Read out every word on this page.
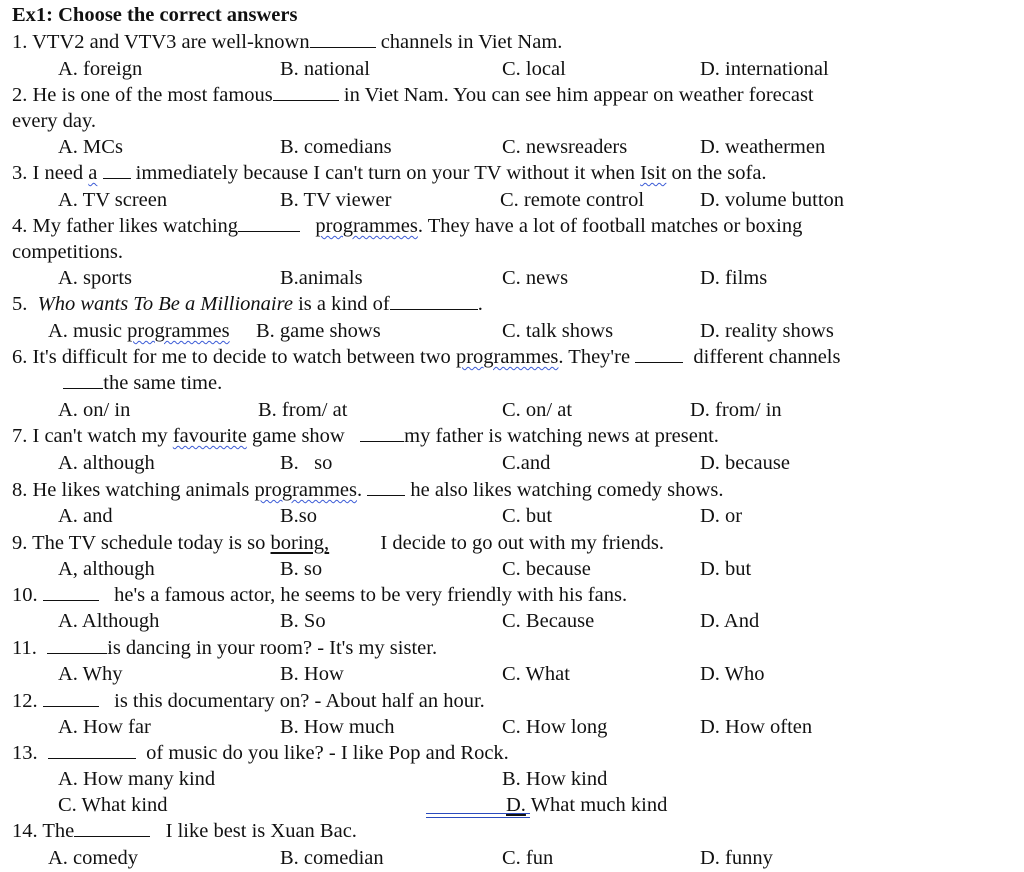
Ex1: Choose the correct answers
1. VTV2 and VTV3 are well-known	channels in Viet Nam.
A. foreign	B. national	C. local	D. international
2. He is one of the most famous	in Viet Nam. You can see him appear on weather forecast
every day.
A. MCs	B. comedians	C. newsreaders	D. weathermen
3. I need a immediately because I can't turn on your TV without it when Isit on the sofa.
A. TV screen	B. TV viewer	C. remote control	D. volume button
4. My father likes watching	programmes. They have a lot of football matches or boxing
competitions.
A. sports	B.animals	C. news	D. films
5. Who wants To Be a Millionaire is a kind of	.
A. music programmes B. game shows	C. talk shows	D. reality shows
6. It's difficult for me to decide to watch between two programmes. They're	different channels
the same time.
A. on/ in	B. from/ at	C. on/ at	D. from/ in
7. I can't watch my favourite game show	my father is watching news at present.
A. although	B.   so	C.and	D. because
8. He likes watching animals programmes. he also likes watching comedy shows.
A. and	B.so	C. but	D. or
9. The TV schedule today is so boring,	I decide to go out with my friends.
A, although	B. so	C. because	D. but
10.	he's a famous actor, he seems to be very friendly with his fans.
A. Although	B. So	C. Because	D. And
11.	is dancing in your room? - It's my sister.
A. Why	B. How	C. What	D. Who
12.	is this documentary on? - About half an hour.
A. How far	B. How much	C. How long	D. How often
13.	of music do you like? - I like Pop and Rock.
A. How many kind	B. How kind
C. What kind	D. What much kind
14. The	I like best is Xuan Bac.
A. comedy	B. comedian	C. fun	D. funny
